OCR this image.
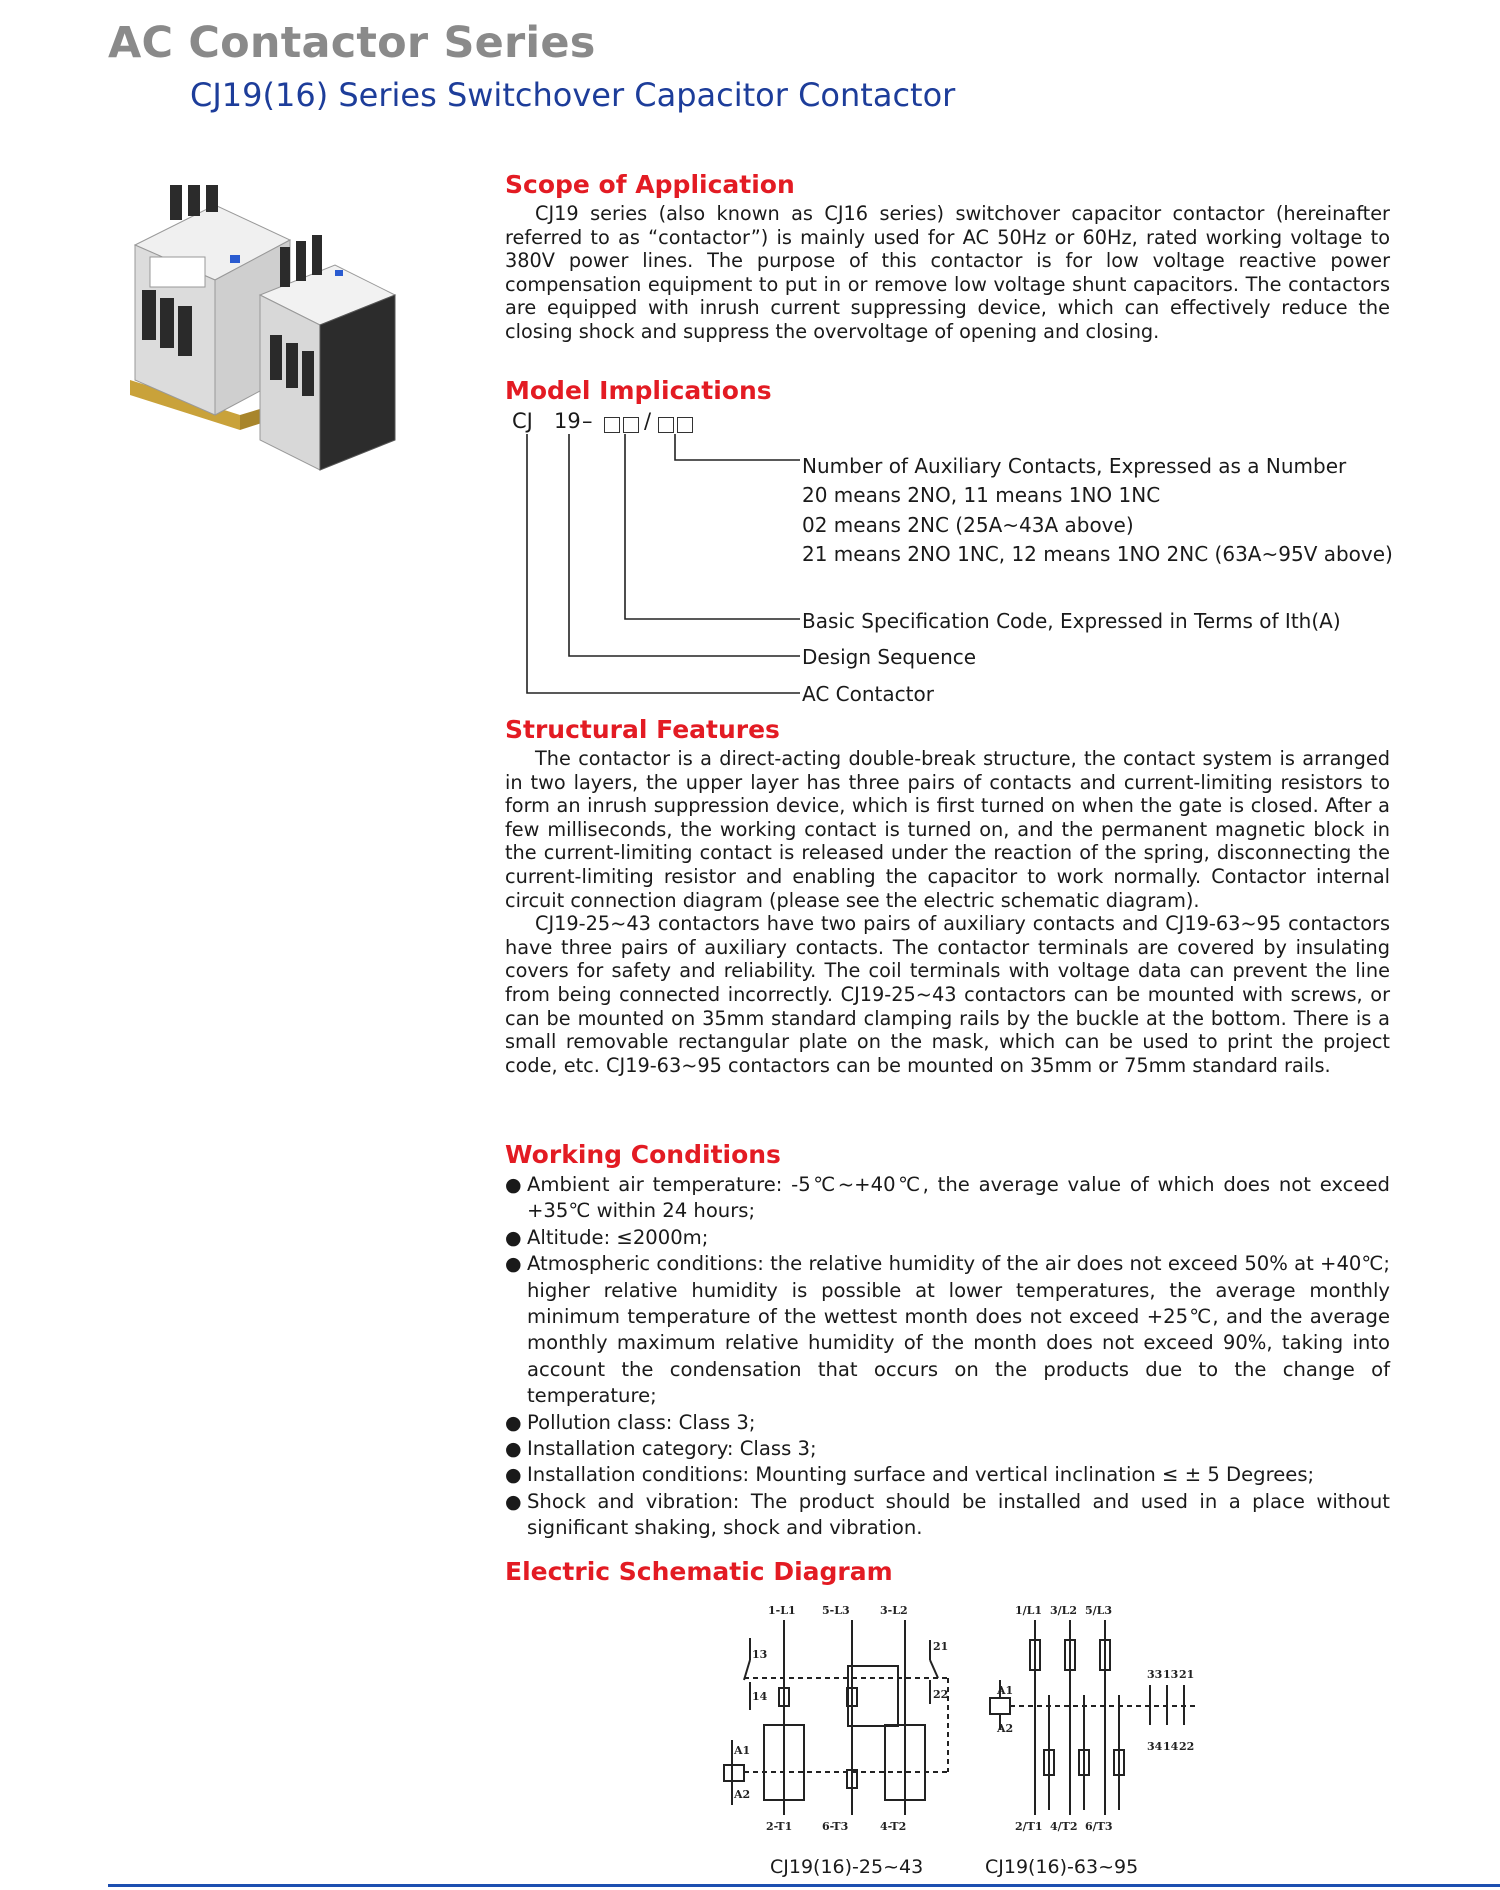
AC Contactor Series
CJ19(16) Series Switchover Capacitor Contactor
Scope of Application

CJ19 series (also known as CJ16 series) switchover capacitor contactor (hereinafter referred to as “contactor”) is mainly used for AC 50Hz or 60Hz, rated working voltage to 380V power lines. The purpose of this contactor is for low voltage reactive power compensation equipment to put in or remove low voltage shunt capacitors. The contactors are equipped with inrush current suppressing device, which can effectively reduce the closing shock and suppress the overvoltage of opening and closing.

Model Implications
CJ 19 – /
Number of Auxiliary Contacts, Expressed as a Number
20 means 2NO, 11 means 1NO 1NC
02 means 2NC (25A~43A above)
21 means 2NO 1NC, 12 means 1NO 2NC (63A~95V above)
Basic Specification Code, Expressed in Terms of Ith(A)
Design Sequence
AC Contactor
Structural Features

The contactor is a direct-acting double-break structure, the contact system is arranged in two layers, the upper layer has three pairs of contacts and current-limiting resistors to form an inrush suppression device, which is first turned on when the gate is closed. After a few milliseconds, the working contact is turned on, and the permanent magnetic block in the current-limiting contact is released under the reaction of the spring, disconnecting the current-limiting resistor and enabling the capacitor to work normally. Contactor internal circuit connection diagram (please see the electric schematic diagram).

CJ19-25~43 contactors have two pairs of auxiliary contacts and CJ19-63~95 contactors have three pairs of auxiliary contacts. The contactor terminals are covered by insulating covers for safety and reliability. The coil terminals with voltage data can prevent the line from being connected incorrectly. CJ19-25~43 contactors can be mounted with screws, or can be mounted on 35mm standard clamping rails by the buckle at the bottom. There is a small removable rectangular plate on the mask, which can be used to print the project code, etc. CJ19-63~95 contactors can be mounted on 35mm or 75mm standard rails.

Working Conditions
● Ambient air temperature: -5℃~+40℃, the average value of which does not exceed +35℃ within 24 hours;
● Altitude: ≤2000m;
● Atmospheric conditions: the relative humidity of the air does not exceed 50% at +40℃; higher relative humidity is possible at lower temperatures, the average monthly minimum temperature of the wettest month does not exceed +25℃, and the average monthly maximum relative humidity of the month does not exceed 90%, taking into account the condensation that occurs on the products due to the change of temperature;
● Pollution class: Class 3;
● Installation category: Class 3;
● Installation conditions: Mounting surface and vertical inclination ≤ ± 5 Degrees;
● Shock and vibration: The product should be installed and used in a place without significant shaking, shock and vibration.
Electric Schematic Diagram
1-L1 5-L3	3-L2
13
14
21
22
A1
A2
2-T1	6-T3	4-T2
1/L1 3/L2 5/L3
A1
A2
33 13 21
34 14 22
2/T1 4/T2 6/T3
CJ19(16)-25~43	CJ19(16)-63~95
